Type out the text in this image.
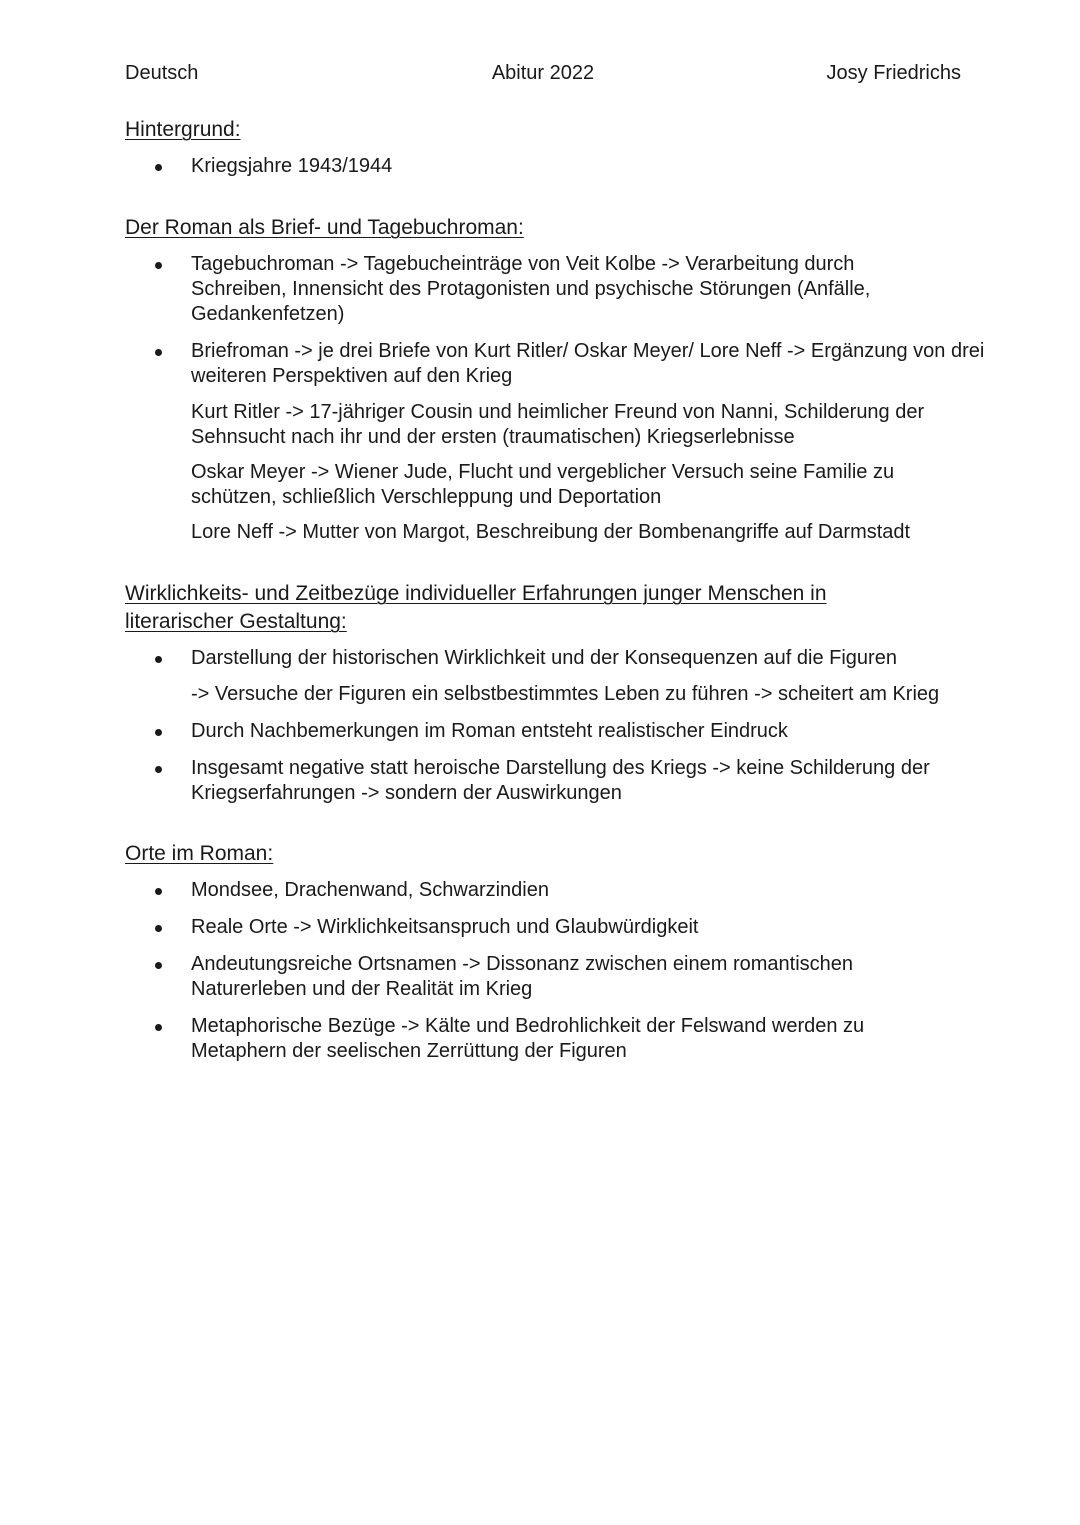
Deutsch	Abitur 2022	Josy Friedrichs
Hintergrund:
Kriegsjahre 1943/1944
Der Roman als Brief- und Tagebuchroman:
Tagebuchroman -> Tagebucheinträge von Veit Kolbe -> Verarbeitung durch Schreiben, Innensicht des Protagonisten und psychische Störungen (Anfälle, Gedankenfetzen)
Briefroman -> je drei Briefe von Kurt Ritler/ Oskar Meyer/ Lore Neff -> Ergänzung von drei weiteren Perspektiven auf den Krieg
Kurt Ritler -> 17-jähriger Cousin und heimlicher Freund von Nanni, Schilderung der Sehnsucht nach ihr und der ersten (traumatischen) Kriegserlebnisse
Oskar Meyer -> Wiener Jude, Flucht und vergeblicher Versuch seine Familie zu schützen, schließlich Verschleppung und Deportation
Lore Neff -> Mutter von Margot, Beschreibung der Bombenangriffe auf Darmstadt
Wirklichkeits- und Zeitbezüge individueller Erfahrungen junger Menschen in literarischer Gestaltung:
Darstellung der historischen Wirklichkeit und der Konsequenzen auf die Figuren
-> Versuche der Figuren ein selbstbestimmtes Leben zu führen -> scheitert am Krieg
Durch Nachbemerkungen im Roman entsteht realistischer Eindruck
Insgesamt negative statt heroische Darstellung des Kriegs -> keine Schilderung der Kriegserfahrungen -> sondern der Auswirkungen
Orte im Roman:
Mondsee, Drachenwand, Schwarzindien
Reale Orte -> Wirklichkeitsanspruch und Glaubwürdigkeit
Andeutungsreiche Ortsnamen -> Dissonanz zwischen einem romantischen Naturerleben und der Realität im Krieg
Metaphorische Bezüge -> Kälte und Bedrohlichkeit der Felswand werden zu Metaphern der seelischen Zerrüttung der Figuren
